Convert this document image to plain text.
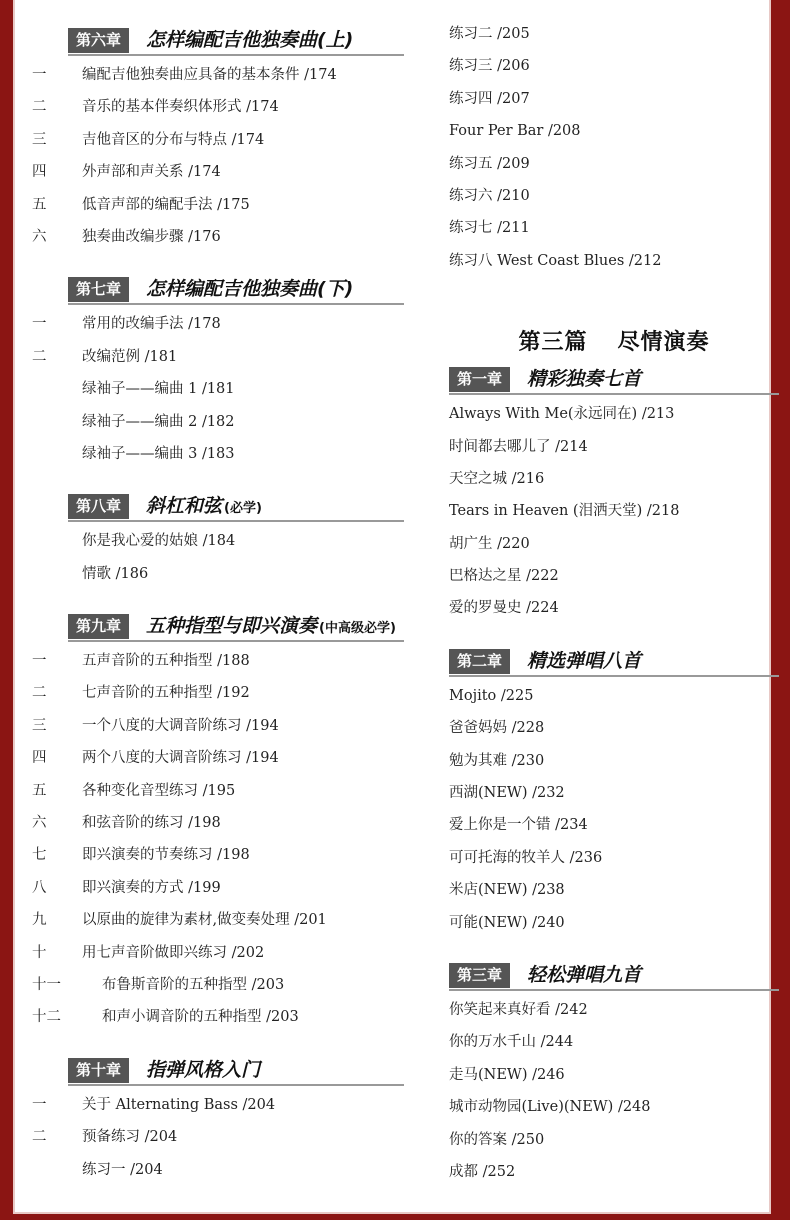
第六章	怎样编配吉他独奏曲(上)
一	编配吉他独奏曲应具备的基本条件 /174
二	音乐的基本伴奏织体形式 /174
三	吉他音区的分布与特点 /174
四	外声部和声关系 /174
五	低音声部的编配手法 /175
六	独奏曲改编步骤 /176
第七章	怎样编配吉他独奏曲(下)
一	常用的改编手法 /178
二	改编范例 /181
绿袖子——编曲 1 /181
绿袖子——编曲 2 /182
绿袖子——编曲 3 /183
第八章	斜杠和弦 (必学)
你是我心爱的姑娘 /184
情歌 /186
第九章	五种指型与即兴演奏 (中高级必学)
一	五声音阶的五种指型 /188
二	七声音阶的五种指型 /192
三	一个八度的大调音阶练习 /194
四	两个八度的大调音阶练习 /194
五	各种变化音型练习 /195
六	和弦音阶的练习 /198
七	即兴演奏的节奏练习 /198
八	即兴演奏的方式 /199
九	以原曲的旋律为素材,做变奏处理 /201
十	用七声音阶做即兴练习 /202
十一	布鲁斯音阶的五种指型 /203
十二	和声小调音阶的五种指型 /203
第十章	指弹风格入门
一	关于 Alternating Bass /204
二	预备练习 /204
练习一 /204
练习二 /205
练习三 /206
练习四 /207
Four Per Bar /208
练习五 /209
练习六 /210
练习七 /211
练习八 West Coast Blues /212
第三篇 尽情演奏
第一章	精彩独奏七首
Always With Me(永远同在) /213
时间都去哪儿了 /214
天空之城 /216
Tears in Heaven (泪洒天堂) /218
胡广生 /220
巴格达之星 /222
爱的罗曼史 /224
第二章	精选弹唱八首
Mojito /225
爸爸妈妈 /228
勉为其难 /230
西湖(NEW) /232
爱上你是一个错 /234
可可托海的牧羊人 /236
米店(NEW) /238
可能(NEW) /240
第三章	轻松弹唱九首
你笑起来真好看 /242
你的万水千山 /244
走马(NEW) /246
城市动物园(Live)(NEW) /248
你的答案 /250
成都 /252
